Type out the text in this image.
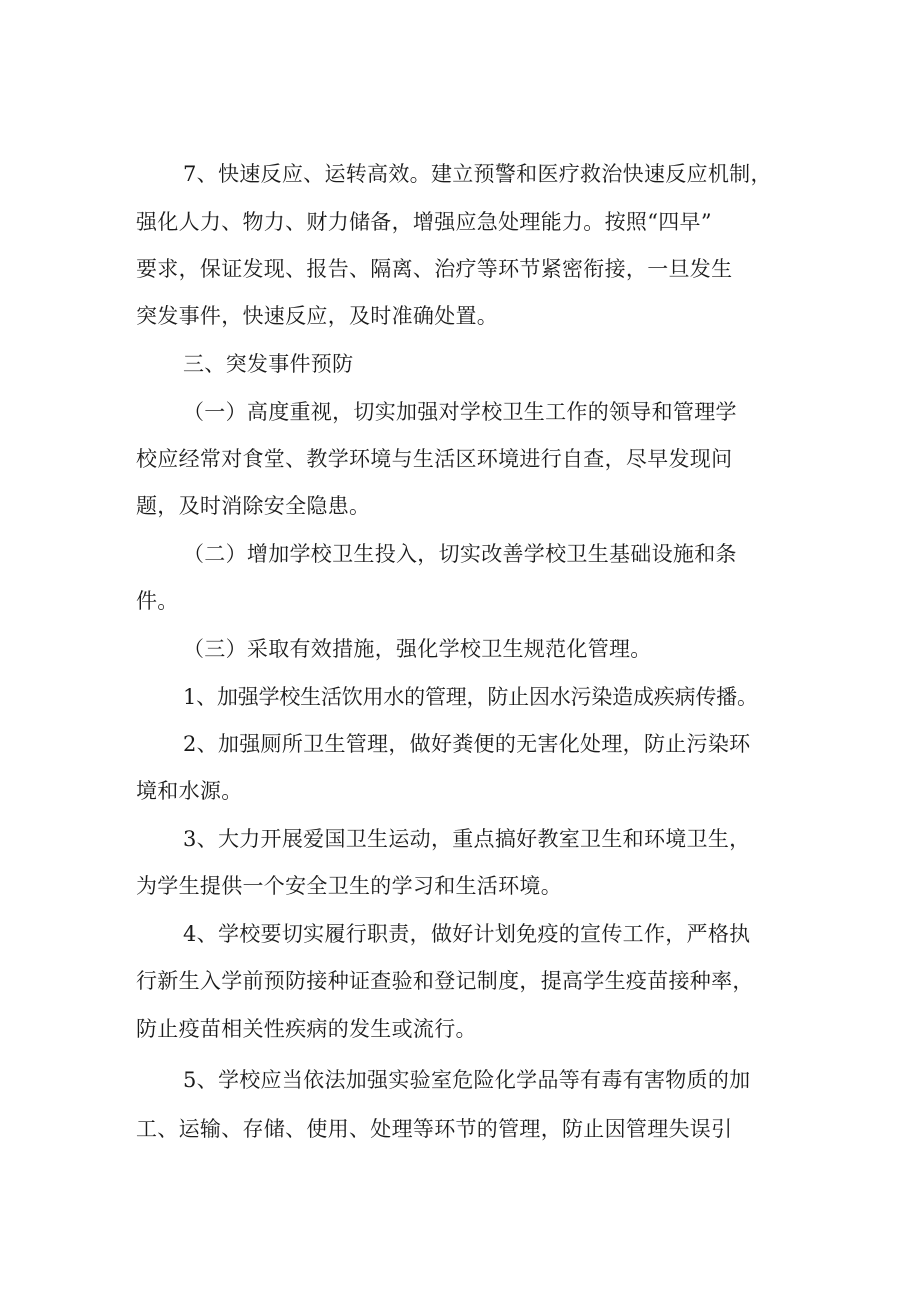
7、快速反应、运转高效。建立预警和医疗救治快速反应机制，
强化人力、物力、财力储备，增强应急处理能力。按照“四早”
要求，保证发现、报告、隔离、治疗等环节紧密衔接，一旦发生
突发事件，快速反应，及时准确处置。
三、突发事件预防
（一）高度重视，切实加强对学校卫生工作的领导和管理学
校应经常对食堂、教学环境与生活区环境进行自查，尽早发现问
题，及时消除安全隐患。
（二）增加学校卫生投入，切实改善学校卫生基础设施和条
件。
（三）采取有效措施，强化学校卫生规范化管理。
1、加强学校生活饮用水的管理，防止因水污染造成疾病传播。
2、加强厕所卫生管理，做好粪便的无害化处理，防止污染环
境和水源。
3、大力开展爱国卫生运动，重点搞好教室卫生和环境卫生，
为学生提供一个安全卫生的学习和生活环境。
4、学校要切实履行职责，做好计划免疫的宣传工作，严格执
行新生入学前预防接种证查验和登记制度，提高学生疫苗接种率，
防止疫苗相关性疾病的发生或流行。
5、学校应当依法加强实验室危险化学品等有毒有害物质的加
工、运输、存储、使用、处理等环节的管理，防止因管理失误引
